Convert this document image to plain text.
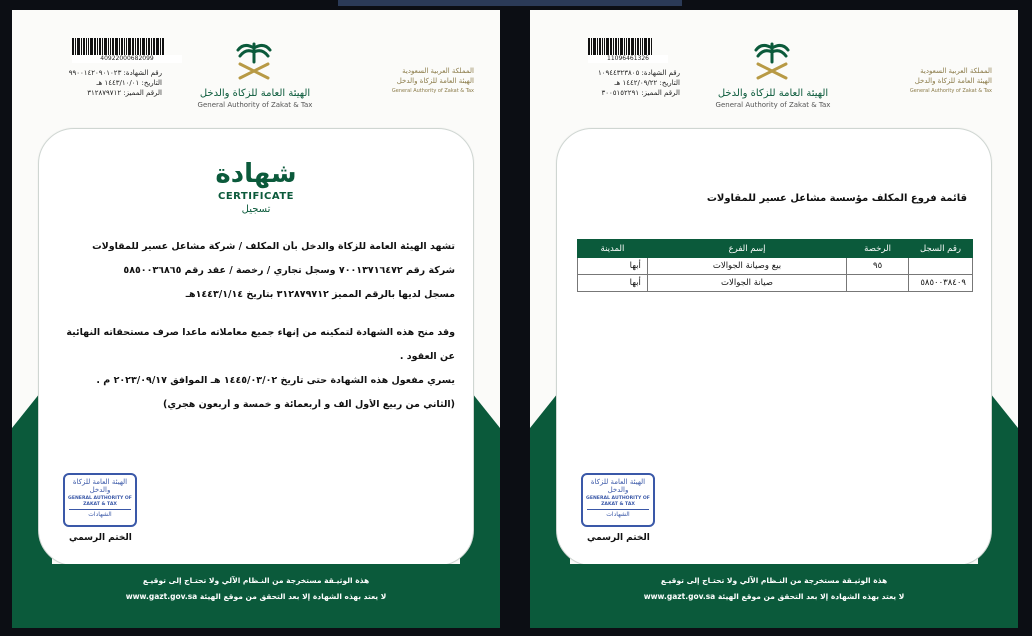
40922000682099
رقم الشهادة: ٩٩٠٠١٤٢٠٩٠١٠٢٣
التاريخ: ١٤٤٣/١٠/٠١ هـ
الرقم المميز: ٣١٢٨٧٩٧١٢	الهيئة العامة للزكاة والدخل
General Authority of Zakat & Tax
المملكة العربية السعودية
الهيئة العامة للزكاة والدخل
General Authority of Zakat & Tax
شهادة
CERTIFICATE
تسجيل

تشهد الهيئة العامة للزكاة والدخل بأن المكلف / شركة مشاعل عسير للمقاولات

شركة رقم ٧٠٠١٣٧١٦٤٧٢ وسجل تجاري / رخصة / عقد رقم ٥٨٥٠٠٣٦٨٦٥

مسجل لديها بالرقم المميز ٣١٢٨٧٩٧١٢ بتاريخ ١٤٤٣/١/١٤هـ

وقد منح هذه الشهادة لتمكينه من إنهاء جميع معاملاته ماعدا صرف مستحقاته النهائية

عن العقود .

يسري مفعول هذه الشهادة حتى تاريخ ١٤٤٥/٠٣/٠٢ هـ الموافق ٢٠٢٣/٠٩/١٧ م .

(الثاني من ربيع الأول ألف و أربعمائة و خمسة و أربعون هجري)

الهيئة العامة للزكاة والدخل
GENERAL AUTHORITY OF ZAKAT & TAX
الشهادات
الختم الرسمي
هذة الوثيـقة مستخرجة من النـظام الآلي ولا تحتـاج إلى توقيـع
لا يعتد بهذه الشهادة إلا بعد التحقق من موقع الهيئة www.gazt.gov.sa
11096461326
رقم الشهادة: ١٠٩٤٤٣٢٣٨٠٥
التاريخ: ١٤٤٢/٠٩/٢٢ هـ
الرقم المميز: ٣٠٠٥١٥٢٢٩١	الهيئة العامة للزكاة والدخل
General Authority of Zakat & Tax
المملكة العربية السعودية
الهيئة العامة للزكاة والدخل
General Authority of Zakat & Tax
قائمة فروع المكلف مؤسسة مشاعل عسير للمقاولات
رقم السجل	الرخصة	إسم الفرع	المدينة
	٩٥	بيع وصيانة الجوالات	أبها
٥٨٥٠٠٣٨٤٠٩		صيانة الجوالات	أبها
الهيئة العامة للزكاة والدخل
GENERAL AUTHORITY OF ZAKAT & TAX
الشهادات
الختم الرسمي
هذة الوثيـقة مستخرجة من النـظام الآلي ولا تحتـاج إلى توقيـع
لا يعتد بهذه الشهادة إلا بعد التحقق من موقع الهيئة www.gazt.gov.sa
